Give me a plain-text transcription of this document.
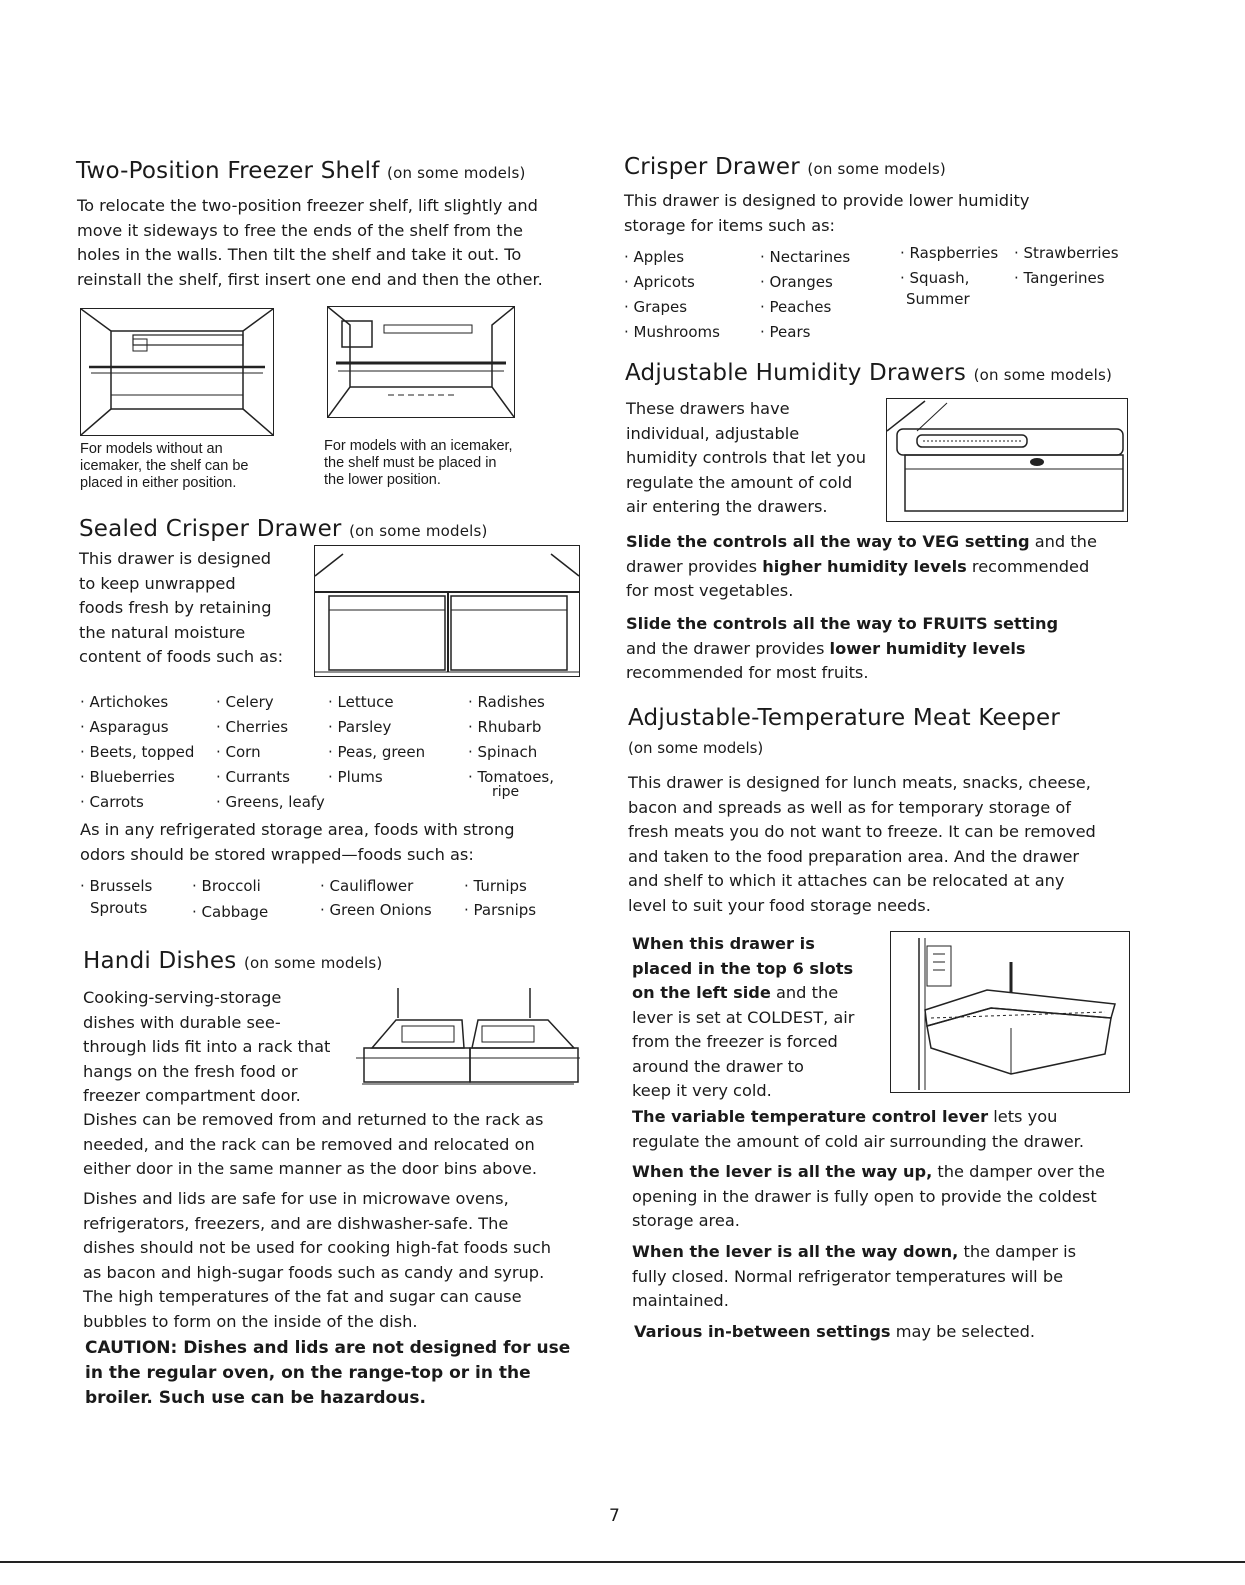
Two-Position Freezer Shelf (on some models)

To relocate the two-position freezer shelf, lift slightly and

move it sideways to free the ends of the shelf from the

holes in the walls. Then tilt the shelf and take it out. To

reinstall the shelf, first insert one end and then the other.

For models without an
icemaker, the shelf can be
placed in either position.
For models with an icemaker,
the shelf must be placed in
the lower position.
Sealed Crisper Drawer (on some models)

This drawer is designed

to keep unwrapped

foods fresh by retaining

the natural moisture

content of foods such as:

· Artichokes	· Celery	· Lettuce	· Radishes
· Asparagus	· Cherries	· Parsley	· Rhubarb
· Beets, topped · Corn	· Peas, green	· Spinach
· Blueberries	· Currants	· Plums	· Tomatoes,
· Carrots	· Greens, leafy
ripe

As in any refrigerated storage area, foods with strong

odors should be stored wrapped—foods such as:

· Brussels	· Broccoli	· Cauliflower	· Turnips
Sprouts	· Cabbage	· Green Onions · Parsnips
Handi Dishes (on some models)

Cooking-serving-storage

dishes with durable see-

through lids fit into a rack that

hangs on the fresh food or

freezer compartment door.

Dishes can be removed from and returned to the rack as

needed, and the rack can be removed and relocated on

either door in the same manner as the door bins above.

Dishes and lids are safe for use in microwave ovens,

refrigerators, freezers, and are dishwasher-safe. The

dishes should not be used for cooking high-fat foods such

as bacon and high-sugar foods such as candy and syrup.

The high temperatures of the fat and sugar can cause

bubbles to form on the inside of the dish.

CAUTION: Dishes and lids are not designed for use
in the regular oven, on the range-top or in the
broiler. Such use can be hazardous.
Crisper Drawer (on some models)

This drawer is designed to provide lower humidity

storage for items such as:

· Apples	· Nectarines	· Raspberries · Strawberries
· Apricots	· Oranges	· Squash,	· Tangerines
· Grapes	· Peaches	Summer
· Mushrooms	· Pears
Adjustable Humidity Drawers (on some models)

These drawers have

individual, adjustable

humidity controls that let you

regulate the amount of cold

air entering the drawers.

Slide the controls all the way to VEG setting and the

drawer provides higher humidity levels recommended

for most vegetables.

Slide the controls all the way to FRUITS setting

and the drawer provides lower humidity levels

recommended for most fruits.

Adjustable-Temperature Meat Keeper

(on some models)

This drawer is designed for lunch meats, snacks, cheese,

bacon and spreads as well as for temporary storage of

fresh meats you do not want to freeze. It can be removed

and taken to the food preparation area. And the drawer

and shelf to which it attaches can be relocated at any

level to suit your food storage needs.

When this drawer is

placed in the top 6 slots

on the left side and the

lever is set at COLDEST, air

from the freezer is forced

around the drawer to

keep it very cold.

The variable temperature control lever lets you

regulate the amount of cold air surrounding the drawer.

When the lever is all the way up, the damper over the

opening in the drawer is fully open to provide the coldest

storage area.

When the lever is all the way down, the damper is

fully closed. Normal refrigerator temperatures will be

maintained.

Various in-between settings may be selected.

7
